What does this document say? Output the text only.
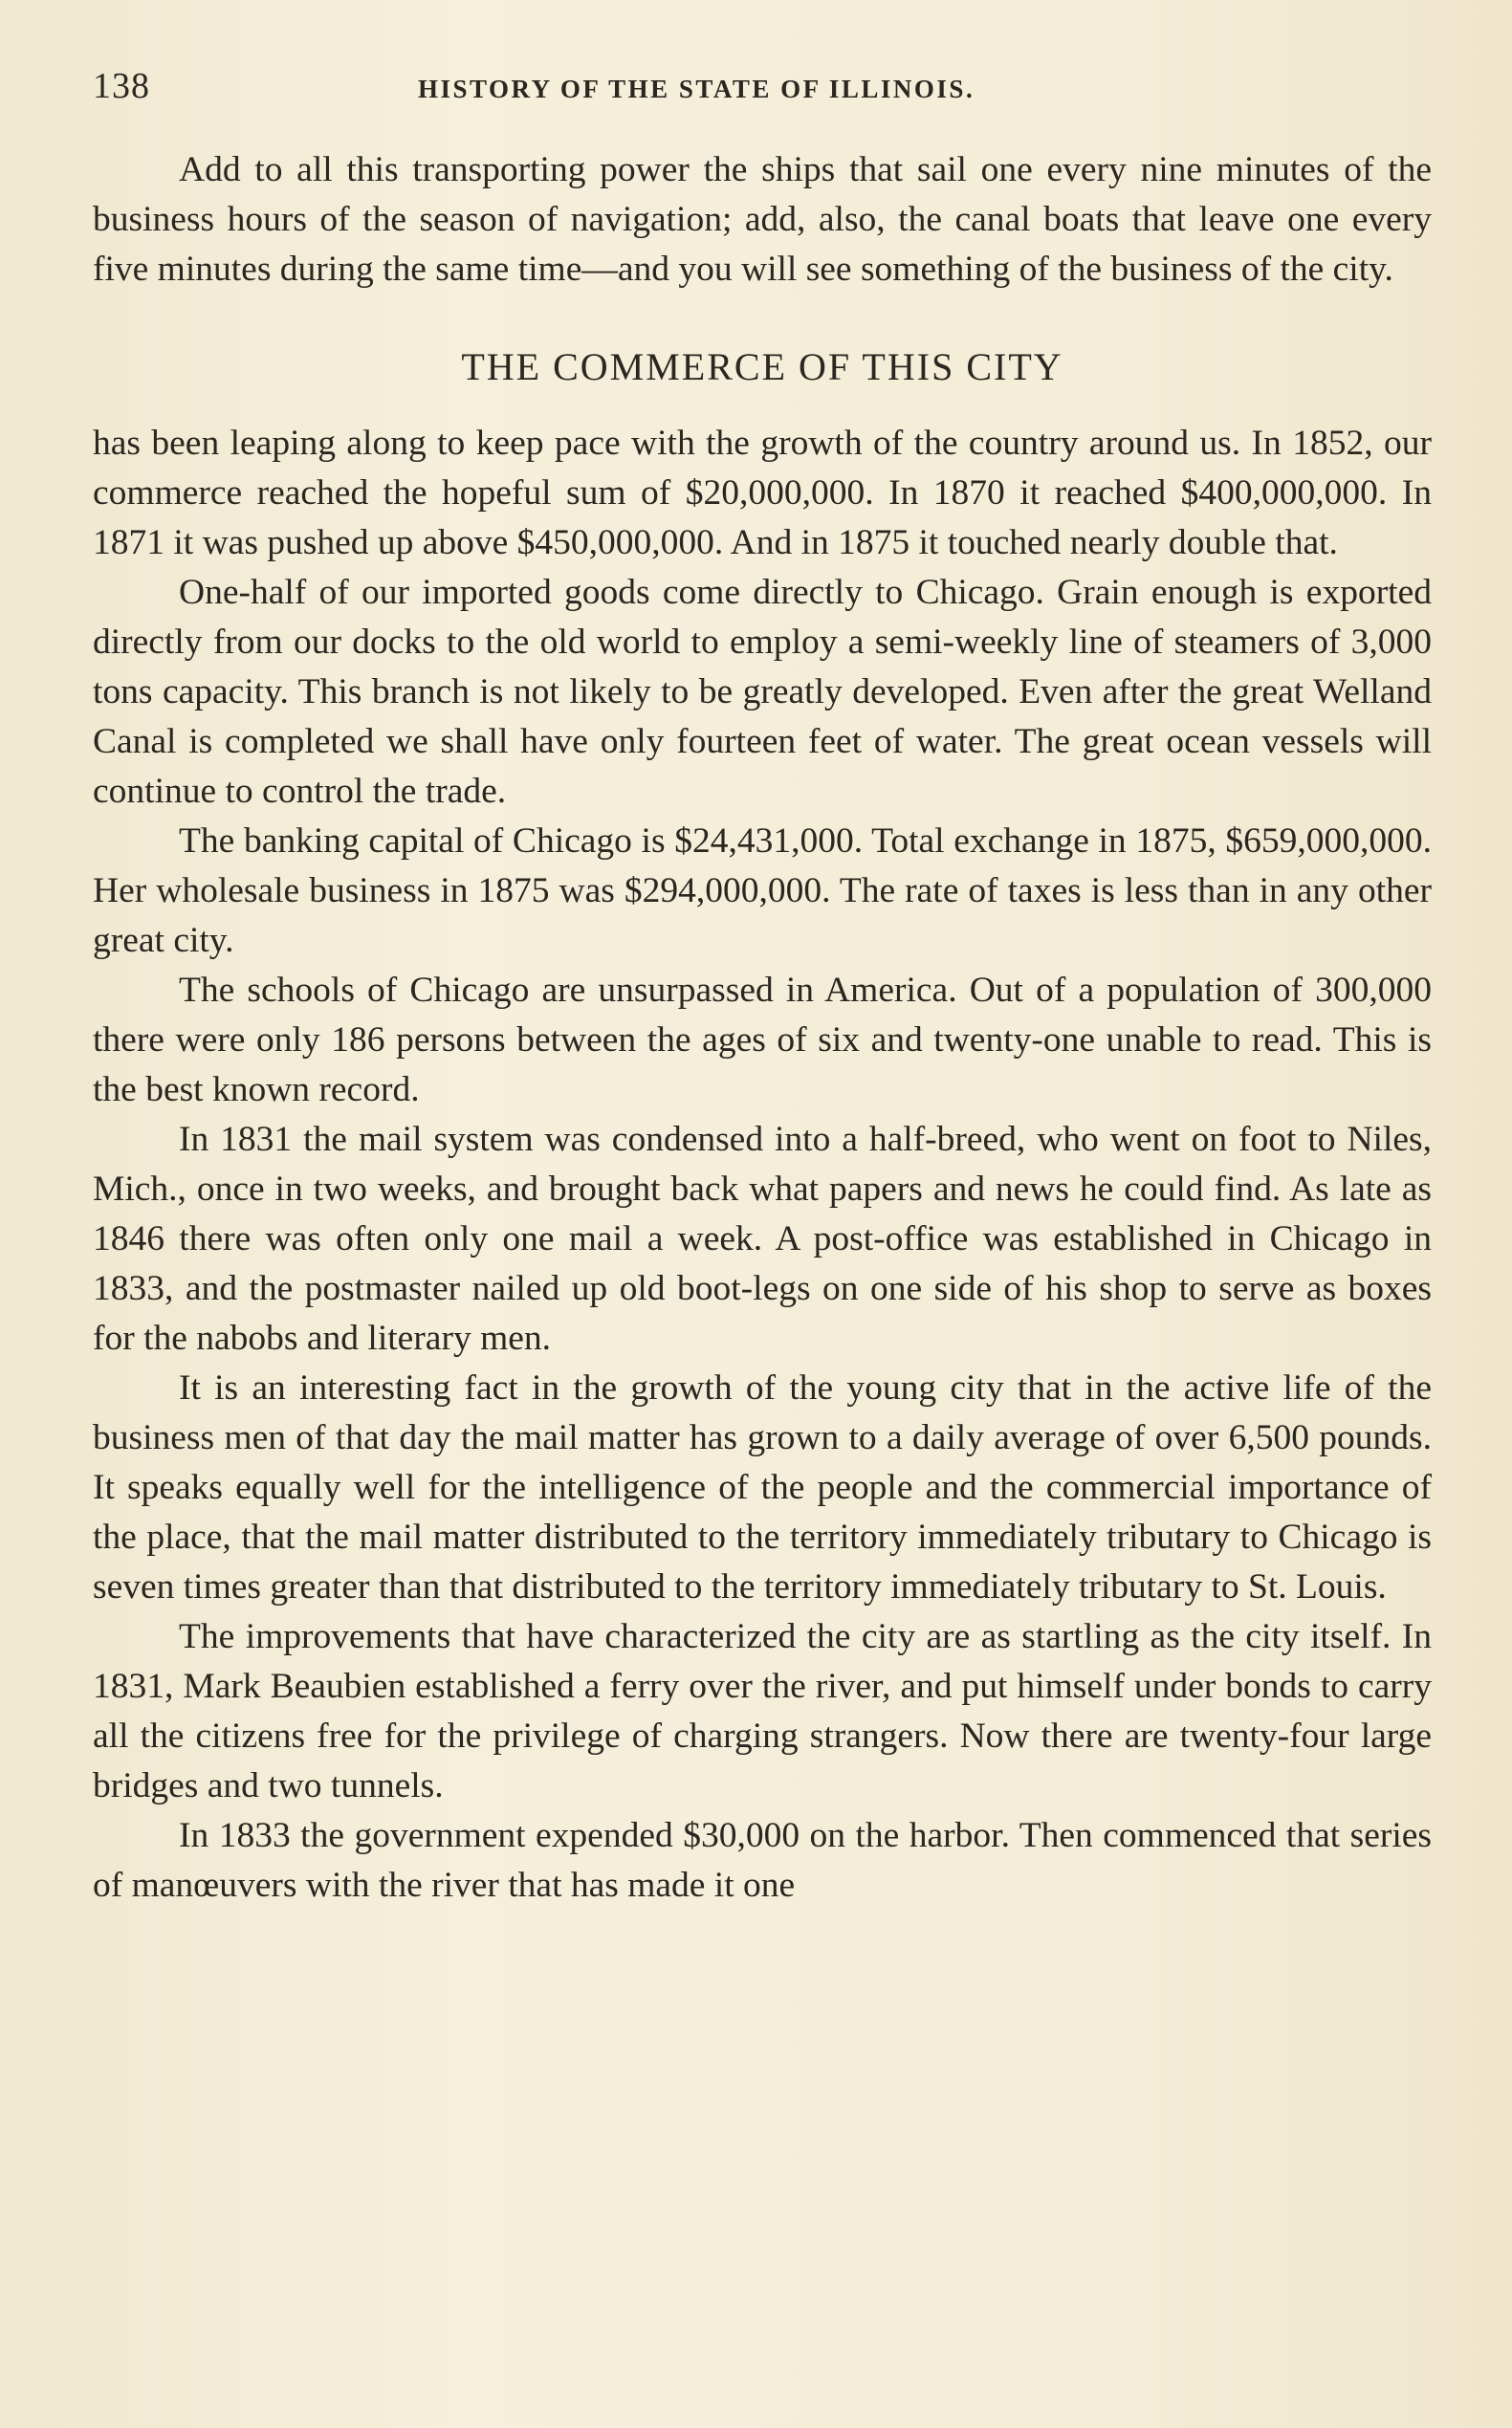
138	HISTORY OF THE STATE OF ILLINOIS.

Add to all this transporting power the ships that sail one every nine minutes of the business hours of the season of navigation; add, also, the canal boats that leave one every five minutes during the same time—and you will see something of the business of the city.

THE COMMERCE OF THIS CITY

has been leaping along to keep pace with the growth of the country around us. In 1852, our commerce reached the hopeful sum of $20,000,000. In 1870 it reached $400,000,000. In 1871 it was pushed up above $450,000,000. And in 1875 it touched nearly double that.

One-half of our imported goods come directly to Chicago. Grain enough is exported directly from our docks to the old world to employ a semi-weekly line of steamers of 3,000 tons capacity. This branch is not likely to be greatly developed. Even after the great Welland Canal is completed we shall have only fourteen feet of water. The great ocean vessels will continue to control the trade.

The banking capital of Chicago is $24,431,000. Total exchange in 1875, $659,000,000. Her wholesale business in 1875 was $294,000,000. The rate of taxes is less than in any other great city.

The schools of Chicago are unsurpassed in America. Out of a population of 300,000 there were only 186 persons between the ages of six and twenty-one unable to read. This is the best known record.

In 1831 the mail system was condensed into a half-breed, who went on foot to Niles, Mich., once in two weeks, and brought back what papers and news he could find. As late as 1846 there was often only one mail a week. A post-office was established in Chicago in 1833, and the postmaster nailed up old boot-legs on one side of his shop to serve as boxes for the nabobs and literary men.

It is an interesting fact in the growth of the young city that in the active life of the business men of that day the mail matter has grown to a daily average of over 6,500 pounds. It speaks equally well for the intelligence of the people and the commercial importance of the place, that the mail matter distributed to the territory immediately tributary to Chicago is seven times greater than that distributed to the territory immediately tributary to St. Louis.

The improvements that have characterized the city are as startling as the city itself. In 1831, Mark Beaubien established a ferry over the river, and put himself under bonds to carry all the citizens free for the privilege of charging strangers. Now there are twenty-four large bridges and two tunnels.

In 1833 the government expended $30,000 on the harbor. Then commenced that series of manœuvers with the river that has made it one
